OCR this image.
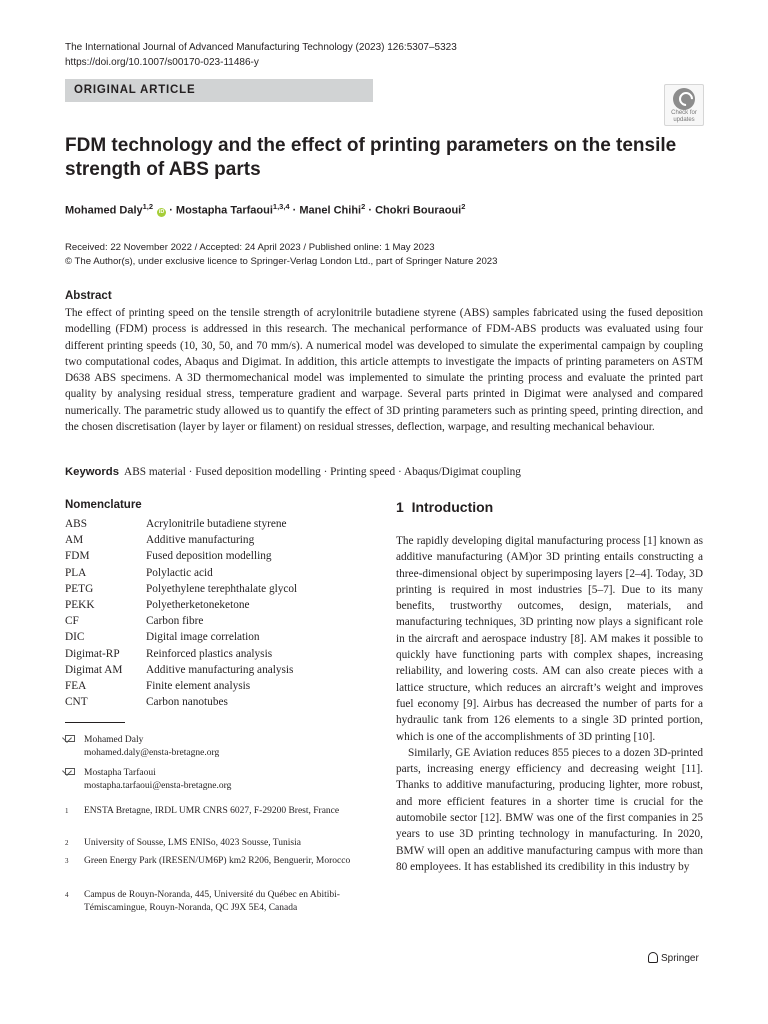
The International Journal of Advanced Manufacturing Technology (2023) 126:5307–5323
https://doi.org/10.1007/s00170-023-11486-y
ORIGINAL ARTICLE
Check for
updates
FDM technology and the effect of printing parameters on the tensile strength of ABS parts
Mohamed Daly$^{1,2}$ iD · Mostapha Tarfaoui$^{1,3,4}$ · Manel Chihi$^2$ · Chokri Bouraoui$^2$
Received: 22 November 2022 / Accepted: 24 April 2023 / Published online: 1 May 2023
© The Author(s), under exclusive licence to Springer-Verlag London Ltd., part of Springer Nature 2023
Abstract
The effect of printing speed on the tensile strength of acrylonitrile butadiene styrene (ABS) samples fabricated using the fused deposition modelling (FDM) process is addressed in this research. The mechanical performance of FDM-ABS products was evaluated using four different printing speeds (10, 30, 50, and 70 mm/s). A numerical model was developed to simulate the experimental campaign by coupling two computational codes, Abaqus and Digimat. In addition, this article attempts to investigate the impacts of printing parameters on ASTM D638 ABS specimens. A 3D thermomechanical model was implemented to simulate the printing process and evaluate the printed part quality by analysing residual stress, temperature gradient and warpage. Several parts printed in Digimat were analysed and compared numerically. The parametric study allowed us to quantify the effect of 3D printing parameters such as printing speed, printing direction, and the chosen discretisation (layer by layer or filament) on residual stresses, deflection, warpage, and resulting mechanical behaviour.
Keywords ABS material · Fused deposition modelling · Printing speed · Abaqus/Digimat coupling
Nomenclature
ABS	Acrylonitrile butadiene styrene
AM	Additive manufacturing
FDM	Fused deposition modelling
PLA	Polylactic acid
PETG	Polyethylene terephthalate glycol
PEKK	Polyetherketoneketone
CF	Carbon fibre
DIC	Digital image correlation
Digimat-RP	Reinforced plastics analysis
Digimat AM	Additive manufacturing analysis
FEA	Finite element analysis
CNT	Carbon nanotubes
Mohamed Daly
mohamed.daly@ensta-bretagne.org
Mostapha Tarfaoui
mostapha.tarfaoui@ensta-bretagne.org
1 ENSTA Bretagne, IRDL UMR CNRS 6027, F-29200 Brest, France
2 University of Sousse, LMS ENISo, 4023 Sousse, Tunisia
3 Green Energy Park (IRESEN/UM6P) km2 R206, Benguerir, Morocco
4 Campus de Rouyn-Noranda, 445, Université du Québec en Abitibi-Témiscamingue, Rouyn-Noranda, QC J9X 5E4, Canada
1 Introduction

The rapidly developing digital manufacturing process [1] known as additive manufacturing (AM)or 3D printing entails constructing a three-dimensional object by superimposing layers [2–4]. Today, 3D printing is required in most industries [5–7]. Due to its many benefits, trustworthy outcomes, design, materials, and manufacturing techniques, 3D printing now plays a significant role in the aircraft and aerospace industry [8]. AM makes it possible to quickly have functioning parts with complex shapes, increasing reliability, and lowering costs. AM can also create pieces with a lattice structure, which reduces an aircraft’s weight and improves fuel economy [9]. Airbus has decreased the number of parts for a hydraulic tank from 126 elements to a single 3D printed portion, which is one of the accomplishments of 3D printing [10].

Similarly, GE Aviation reduces 855 pieces to a dozen 3D-printed parts, increasing energy efficiency and decreasing weight [11]. Thanks to additive manufacturing, producing lighter, more robust, and more efficient features in a shorter time is crucial for the automobile sector [12]. BMW was one of the first companies in 25 years to use 3D printing technology in manufacturing. In 2020, BMW will open an additive manufacturing campus with more than 80 employees. It has established its credibility in this industry by

Springer
